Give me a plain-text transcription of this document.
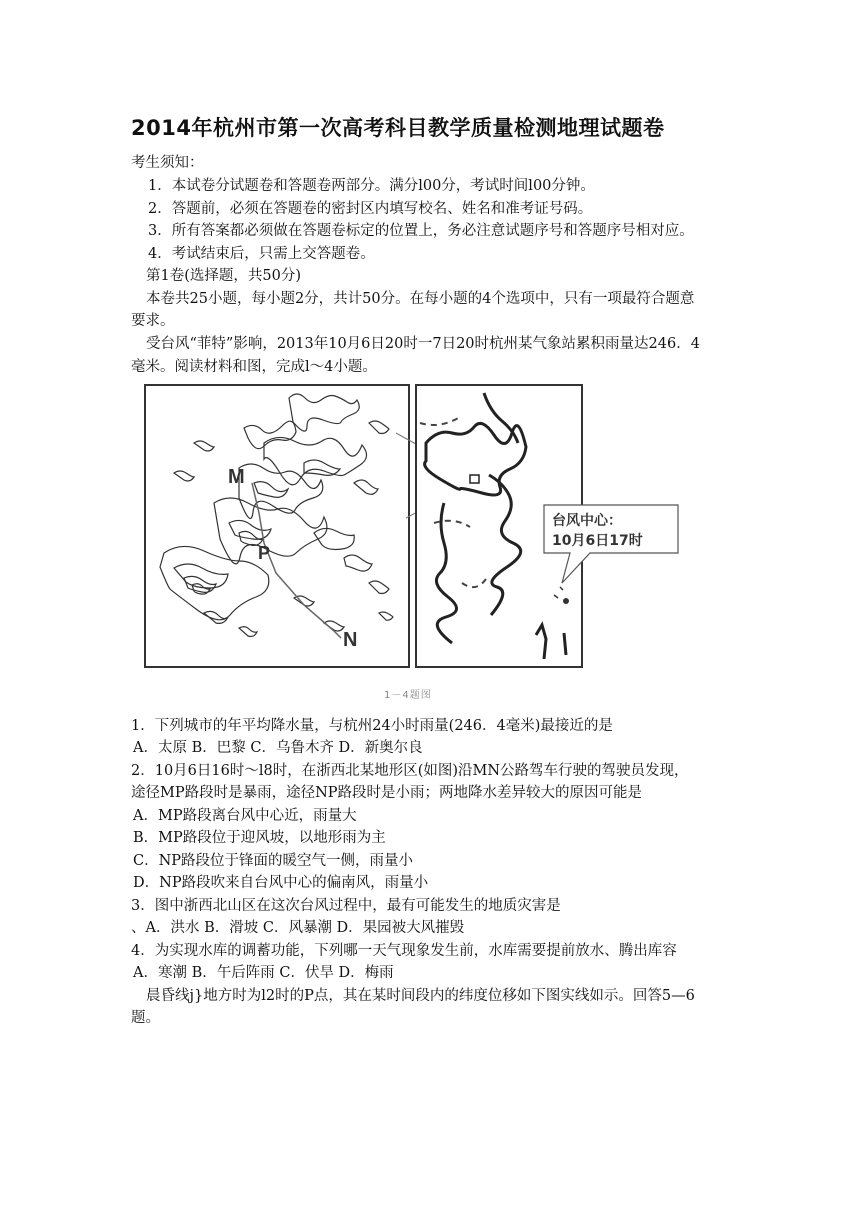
2014年杭州市第一次高考科目教学质量检测地理试题卷
考生须知：
1．本试卷分试题卷和答题卷两部分。满分l00分，考试时间l00分钟。
2．答题前，必须在答题卷的密封区内填写校名、姓名和准考证号码。
3．所有答案都必须做在答题卷标定的位置上，务必注意试题序号和答题序号相对应。
4．考试结束后，只需上交答题卷。
第1卷(选择题，共50分)
本卷共25小题，每小题2分，共计50分。在每小题的4个选项中，只有一项最符合题意
要求。
受台风“菲特”影响，2013年10月6日20时一7日20时杭州某气象站累积雨量达246．4
毫米。阅读材料和图，完成l～4小题。
M
P
N
台风中心：
10月6日17时
1－4题图
1．下列城市的年平均降水量，与杭州24小时雨量(246．4毫米)最接近的是
A．太原 B．巴黎 C．乌鲁木齐 D．新奥尔良
2．10月6日16时～l8时，在浙西北某地形区(如图)沿MN公路驾车行驶的驾驶员发现，
途径MP路段时是暴雨，途径NP路段时是小雨；两地降水差异较大的原因可能是
A．MP路段离台风中心近，雨量大
B．MP路段位于迎风坡，以地形雨为主
C．NP路段位于锋面的暖空气一侧，雨量小
D．NP路段吹来自台风中心的偏南风，雨量小
3．图中浙西北山区在这次台风过程中，最有可能发生的地质灾害是
、A．洪水 B．滑坡 C．风暴潮 D．果园被大风摧毁
4．为实现水库的调蓄功能，下列哪一天气现象发生前，水库需要提前放水、腾出库容
A．寒潮 B．午后阵雨 C．伏旱 D．梅雨
晨昏线j}地方时为l2时的P点，其在某时间段内的纬度位移如下图实线如示。回答5—6
题。
